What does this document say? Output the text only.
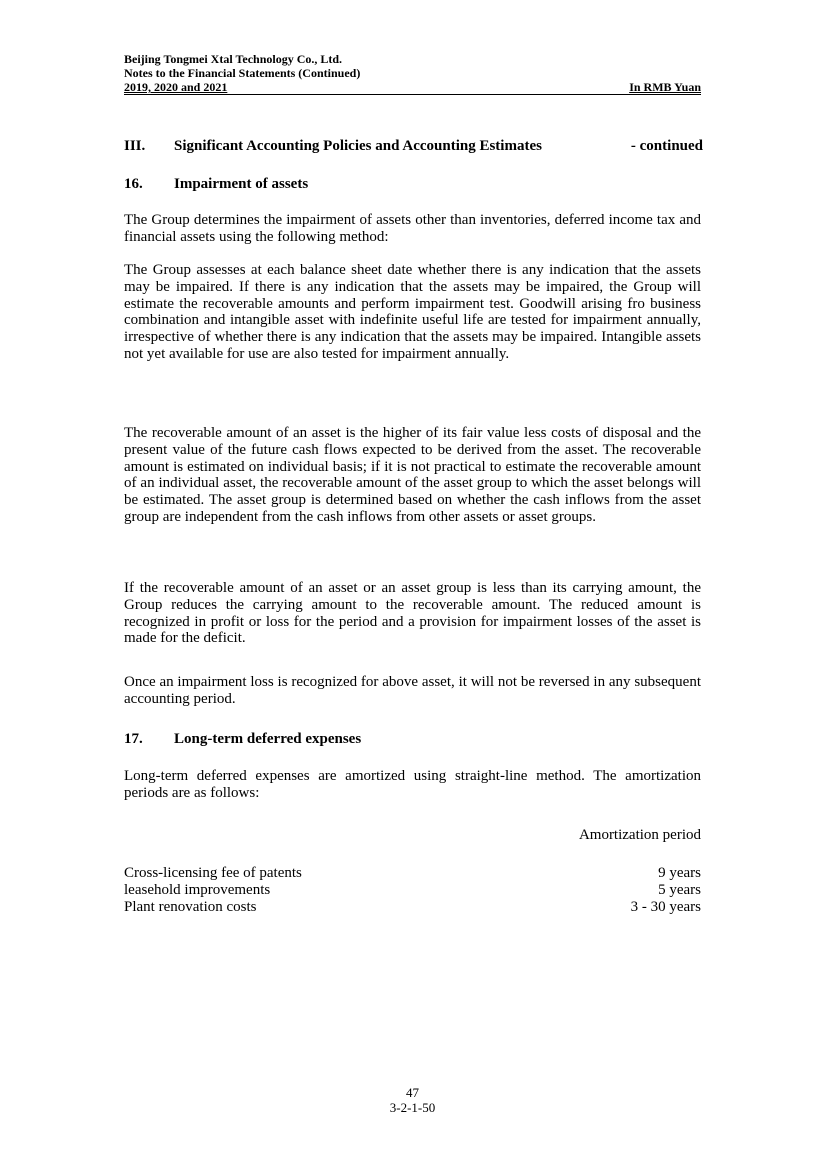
Beijing Tongmei Xtal Technology Co., Ltd.
Notes to the Financial Statements (Continued)
2019, 2020 and 2021	In RMB Yuan
III.	Significant Accounting Policies and Accounting Estimates	- continued
16.	Impairment of assets

The Group determines the impairment of assets other than inventories, deferred income tax and financial assets using the following method:

The Group assesses at each balance sheet date whether there is any indication that the assets may be impaired. If there is any indication that the assets may be impaired, the Group will estimate the recoverable amounts and perform impairment test. Goodwill arising fro business combination and intangible asset with indefinite useful life are tested for impairment annually, irrespective of whether there is any indication that the assets may be impaired. Intangible assets not yet available for use are also tested for impairment annually.

The recoverable amount of an asset is the higher of its fair value less costs of disposal and the present value of the future cash flows expected to be derived from the asset. The recoverable amount is estimated on individual basis; if it is not practical to estimate the recoverable amount of an individual asset, the recoverable amount of the asset group to which the asset belongs will be estimated. The asset group is determined based on whether the cash inflows from the asset group are independent from the cash inflows from other assets or asset groups.

If the recoverable amount of an asset or an asset group is less than its carrying amount, the Group reduces the carrying amount to the recoverable amount. The reduced amount is recognized in profit or loss for the period and a provision for impairment losses of the asset is made for the deficit.

Once an impairment loss is recognized for above asset, it will not be reversed in any subsequent accounting period.

17.	Long-term deferred expenses

Long-term deferred expenses are amortized using straight-line method. The amortization periods are as follows:

Amortization period
Cross-licensing fee of patents	9 years
leasehold improvements	5 years
Plant renovation costs	3 - 30 years
47
3-2-1-50
